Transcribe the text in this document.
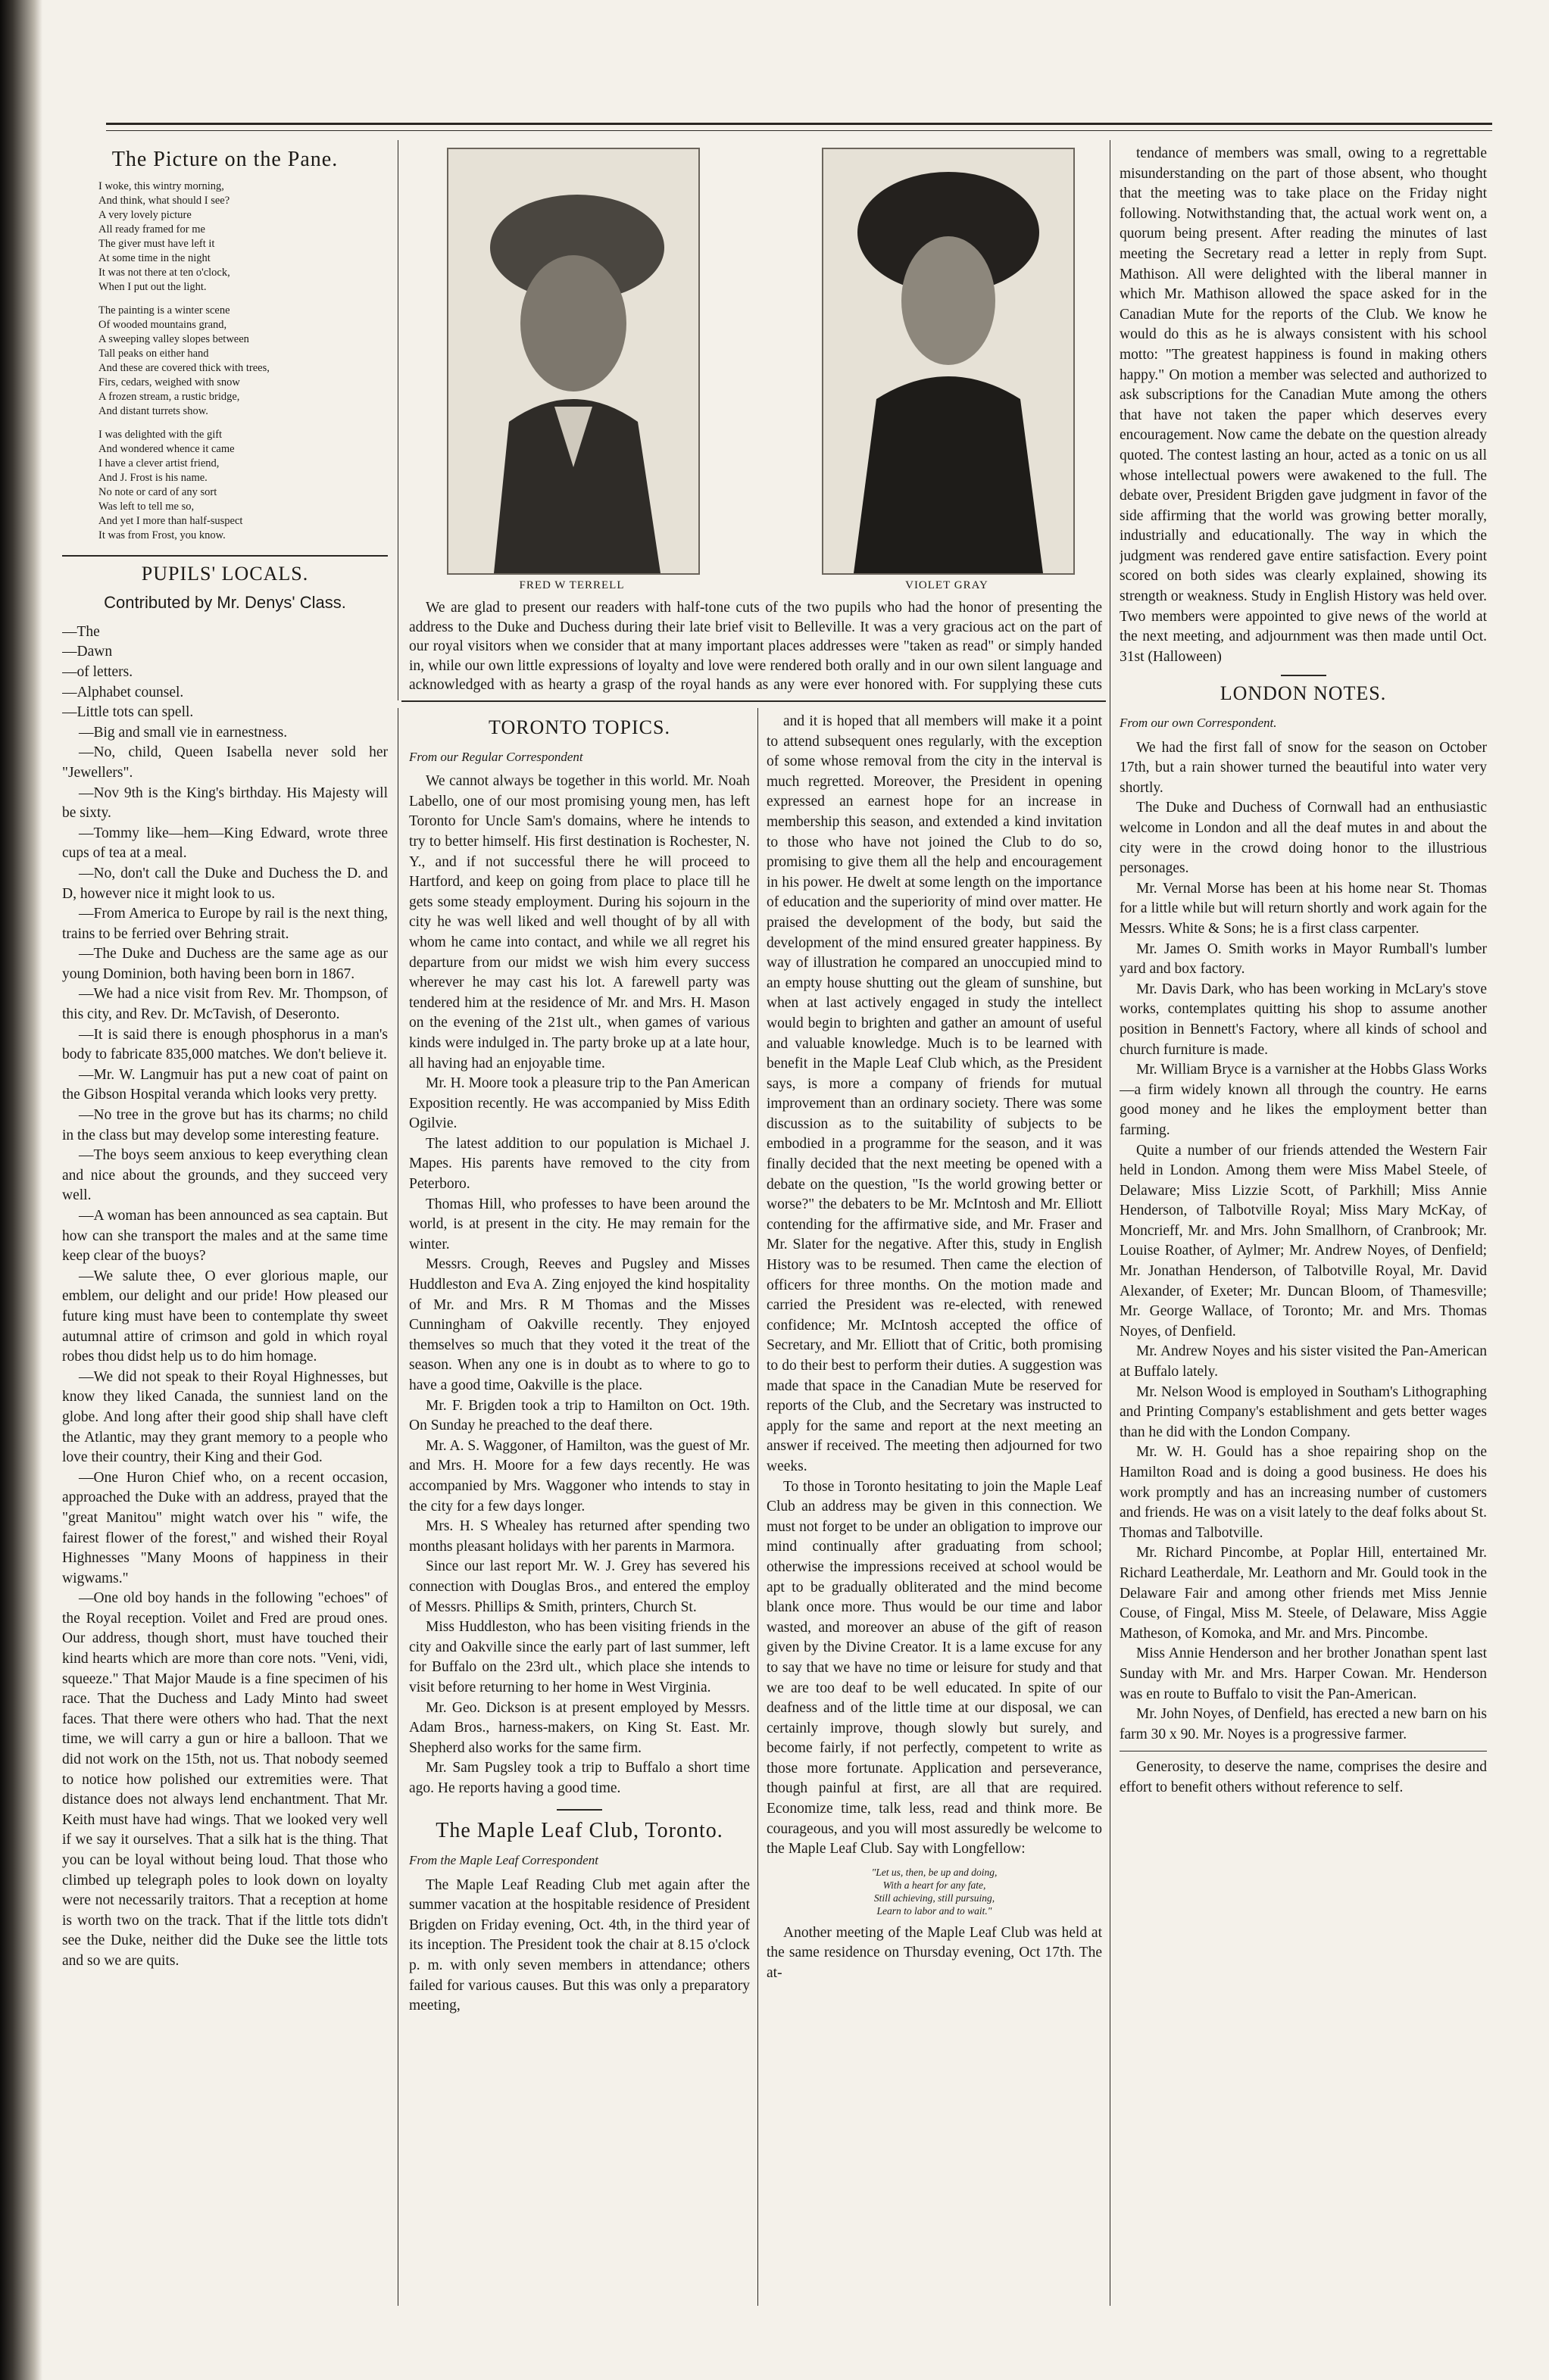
The Picture on the Pane.
I woke, this wintry morning,
And think, what should I see?
A very lovely picture
All ready framed for me
The giver must have left it
At some time in the night
It was not there at ten o'clock,
When I put out the light.
The painting is a winter scene
Of wooded mountains grand,
A sweeping valley slopes between
Tall peaks on either hand
And these are covered thick with trees,
Firs, cedars, weighed with snow
A frozen stream, a rustic bridge,
And distant turrets show.
I was delighted with the gift
And wondered whence it came
I have a clever artist friend,
And J. Frost is his name.
No note or card of any sort
Was left to tell me so,
And yet I more than half-suspect
It was from Frost, you know.
PUPILS' LOCALS.
Contributed by Mr. Denys' Class.
—The
—Dawn
—of letters.
—Alphabet counsel.
—Little tots can spell.

—Big and small vie in earnestness.

—No, child, Queen Isabella never sold her "Jewellers".

—Nov 9th is the King's birthday. His Majesty will be sixty.

—Tommy like—hem—King Edward, wrote three cups of tea at a meal.

—No, don't call the Duke and Duchess the D. and D, however nice it might look to us.

—From America to Europe by rail is the next thing, trains to be ferried over Behring strait.

—The Duke and Duchess are the same age as our young Dominion, both having been born in 1867.

—We had a nice visit from Rev. Mr. Thompson, of this city, and Rev. Dr. McTavish, of Deseronto.

—It is said there is enough phosphorus in a man's body to fabricate 835,000 matches. We don't believe it.

—Mr. W. Langmuir has put a new coat of paint on the Gibson Hospital veranda which looks very pretty.

—No tree in the grove but has its charms; no child in the class but may develop some interesting feature.

—The boys seem anxious to keep everything clean and nice about the grounds, and they succeed very well.

—A woman has been announced as sea captain. But how can she transport the males and at the same time keep clear of the buoys?

—We salute thee, O ever glorious maple, our emblem, our delight and our pride! How pleased our future king must have been to contemplate thy sweet autumnal attire of crimson and gold in which royal robes thou didst help us to do him homage.

—We did not speak to their Royal Highnesses, but know they liked Canada, the sunniest land on the globe. And long after their good ship shall have cleft the Atlantic, may they grant memory to a people who love their country, their King and their God.

—One Huron Chief who, on a recent occasion, approached the Duke with an address, prayed that the "great Manitou" might watch over his " wife, the fairest flower of the forest," and wished their Royal Highnesses "Many Moons of happiness in their wigwams."

—One old boy hands in the following "echoes" of the Royal reception. Voilet and Fred are proud ones. Our address, though short, must have touched their kind hearts which are more than core nots. "Veni, vidi, squeeze." That Major Maude is a fine specimen of his race. That the Duchess and Lady Minto had sweet faces. That there were others who had. That the next time, we will carry a gun or hire a balloon. That we did not work on the 15th, not us. That nobody seemed to notice how polished our extremities were. That distance does not always lend enchantment. That Mr. Keith must have had wings. That we looked very well if we say it ourselves. That a silk hat is the thing. That you can be loyal without being loud. That those who climbed up telegraph poles to look down on loyalty were not necessarily traitors. That a reception at home is worth two on the track. That if the little tots didn't see the Duke, neither did the Duke see the little tots and so we are quits.

FRED W TERRELL	VIOLET GRAY

We are glad to present our readers with half-tone cuts of the two pupils who had the honor of presenting the address to the Duke and Duchess during their late brief visit to Belleville. It was a very gracious act on the part of our royal visitors when we consider that at many important places addresses were "taken as read" or simply handed in, while our own little expressions of loyalty and love were rendered both orally and in our own silent language and acknowledged with as hearty a grasp of the royal hands as any were ever honored with. For supplying these cuts

TORONTO TOPICS.

From our Regular Correspondent

We cannot always be together in this world. Mr. Noah Labello, one of our most promising young men, has left Toronto for Uncle Sam's domains, where he intends to try to better himself. His first destination is Rochester, N. Y., and if not successful there he will proceed to Hartford, and keep on going from place to place till he gets some steady employment. During his sojourn in the city he was well liked and well thought of by all with whom he came into contact, and while we all regret his departure from our midst we wish him every success wherever he may cast his lot. A farewell party was tendered him at the residence of Mr. and Mrs. H. Mason on the evening of the 21st ult., when games of various kinds were indulged in. The party broke up at a late hour, all having had an enjoyable time.

Mr. H. Moore took a pleasure trip to the Pan American Exposition recently. He was accompanied by Miss Edith Ogilvie.

The latest addition to our population is Michael J. Mapes. His parents have removed to the city from Peterboro.

Thomas Hill, who professes to have been around the world, is at present in the city. He may remain for the winter.

Messrs. Crough, Reeves and Pugsley and Misses Huddleston and Eva A. Zing enjoyed the kind hospitality of Mr. and Mrs. R M Thomas and the Misses Cunningham of Oakville recently. They enjoyed themselves so much that they voted it the treat of the season. When any one is in doubt as to where to go to have a good time, Oakville is the place.

Mr. F. Brigden took a trip to Hamilton on Oct. 19th. On Sunday he preached to the deaf there.

Mr. A. S. Waggoner, of Hamilton, was the guest of Mr. and Mrs. H. Moore for a few days recently. He was accompanied by Mrs. Waggoner who intends to stay in the city for a few days longer.

Mrs. H. S Whealey has returned after spending two months pleasant holidays with her parents in Marmora.

Since our last report Mr. W. J. Grey has severed his connection with Douglas Bros., and entered the employ of Messrs. Phillips & Smith, printers, Church St.

Miss Huddleston, who has been visiting friends in the city and Oakville since the early part of last summer, left for Buffalo on the 23rd ult., which place she intends to visit before returning to her home in West Virginia.

Mr. Geo. Dickson is at present employed by Messrs. Adam Bros., harness-makers, on King St. East. Mr. Shepherd also works for the same firm.

Mr. Sam Pugsley took a trip to Buffalo a short time ago. He reports having a good time.

The Maple Leaf Club, Toronto.

From the Maple Leaf Correspondent

The Maple Leaf Reading Club met again after the summer vacation at the hospitable residence of President Brigden on Friday evening, Oct. 4th, in the third year of its inception. The President took the chair at 8.15 o'clock p. m. with only seven members in attendance; others failed for various causes. But this was only a preparatory meeting,

and it is hoped that all members will make it a point to attend subsequent ones regularly, with the exception of some whose removal from the city in the interval is much regretted. Moreover, the President in opening expressed an earnest hope for an increase in membership this season, and extended a kind invitation to those who have not joined the Club to do so, promising to give them all the help and encouragement in his power. He dwelt at some length on the importance of education and the superiority of mind over matter. He praised the development of the body, but said the development of the mind ensured greater happiness. By way of illustration he compared an unoccupied mind to an empty house shutting out the gleam of sunshine, but when at last actively engaged in study the intellect would begin to brighten and gather an amount of useful and valuable knowledge. Much is to be learned with benefit in the Maple Leaf Club which, as the President says, is more a company of friends for mutual improvement than an ordinary society. There was some discussion as to the suitability of subjects to be embodied in a programme for the season, and it was finally decided that the next meeting be opened with a debate on the question, "Is the world growing better or worse?" the debaters to be Mr. McIntosh and Mr. Elliott contending for the affirmative side, and Mr. Fraser and Mr. Slater for the negative. After this, study in English History was to be resumed. Then came the election of officers for three months. On the motion made and carried the President was re-elected, with renewed confidence; Mr. McIntosh accepted the office of Secretary, and Mr. Elliott that of Critic, both promising to do their best to perform their duties. A suggestion was made that space in the Canadian Mute be reserved for reports of the Club, and the Secretary was instructed to apply for the same and report at the next meeting an answer if received. The meeting then adjourned for two weeks.

To those in Toronto hesitating to join the Maple Leaf Club an address may be given in this connection. We must not forget to be under an obligation to improve our mind continually after graduating from school; otherwise the impressions received at school would be apt to be gradually obliterated and the mind become blank once more. Thus would be our time and labor wasted, and moreover an abuse of the gift of reason given by the Divine Creator. It is a lame excuse for any to say that we have no time or leisure for study and that we are too deaf to be well educated. In spite of our deafness and of the little time at our disposal, we can certainly improve, though slowly but surely, and become fairly, if not perfectly, competent to write as those more fortunate. Application and perseverance, though painful at first, are all that are required. Economize time, talk less, read and think more. Be courageous, and you will most assuredly be welcome to the Maple Leaf Club. Say with Longfellow:

"Let us, then, be up and doing,
With a heart for any fate,
Still achieving, still pursuing,
Learn to labor and to wait."

Another meeting of the Maple Leaf Club was held at the same residence on Thursday evening, Oct 17th. The at-

tendance of members was small, owing to a regrettable misunderstanding on the part of those absent, who thought that the meeting was to take place on the Friday night following. Notwithstanding that, the actual work went on, a quorum being present. After reading the minutes of last meeting the Secretary read a letter in reply from Supt. Mathison. All were delighted with the liberal manner in which Mr. Mathison allowed the space asked for in the Canadian Mute for the reports of the Club. We know he would do this as he is always consistent with his school motto: "The greatest happiness is found in making others happy." On motion a member was selected and authorized to ask subscriptions for the Canadian Mute among the others that have not taken the paper which deserves every encouragement. Now came the debate on the question already quoted. The contest lasting an hour, acted as a tonic on us all whose intellectual powers were awakened to the full. The debate over, President Brigden gave judgment in favor of the side affirming that the world was growing better morally, industrially and educationally. The way in which the judgment was rendered gave entire satisfaction. Every point scored on both sides was clearly explained, showing its strength or weakness. Study in English History was held over. Two members were appointed to give news of the world at the next meeting, and adjournment was then made until Oct. 31st (Halloween)

LONDON NOTES.

From our own Correspondent.

We had the first fall of snow for the season on October 17th, but a rain shower turned the beautiful into water very shortly.

The Duke and Duchess of Cornwall had an enthusiastic welcome in London and all the deaf mutes in and about the city were in the crowd doing honor to the illustrious personages.

Mr. Vernal Morse has been at his home near St. Thomas for a little while but will return shortly and work again for the Messrs. White & Sons; he is a first class carpenter.

Mr. James O. Smith works in Mayor Rumball's lumber yard and box factory.

Mr. Davis Dark, who has been working in McLary's stove works, contemplates quitting his shop to assume another position in Bennett's Factory, where all kinds of school and church furniture is made.

Mr. William Bryce is a varnisher at the Hobbs Glass Works—a firm widely known all through the country. He earns good money and he likes the employment better than farming.

Quite a number of our friends attended the Western Fair held in London. Among them were Miss Mabel Steele, of Delaware; Miss Lizzie Scott, of Parkhill; Miss Annie Henderson, of Talbotville Royal; Miss Mary McKay, of Moncrieff, Mr. and Mrs. John Smallhorn, of Cranbrook; Mr. Louise Roather, of Aylmer; Mr. Andrew Noyes, of Denfield; Mr. Jonathan Henderson, of Talbotville Royal, Mr. David Alexander, of Exeter; Mr. Duncan Bloom, of Thamesville; Mr. George Wallace, of Toronto; Mr. and Mrs. Thomas Noyes, of Denfield.

Mr. Andrew Noyes and his sister visited the Pan-American at Buffalo lately.

Mr. Nelson Wood is employed in Southam's Lithographing and Printing Company's establishment and gets better wages than he did with the London Company.

Mr. W. H. Gould has a shoe repairing shop on the Hamilton Road and is doing a good business. He does his work promptly and has an increasing number of customers and friends. He was on a visit lately to the deaf folks about St. Thomas and Talbotville.

Mr. Richard Pincombe, at Poplar Hill, entertained Mr. Richard Leatherdale, Mr. Leathorn and Mr. Gould took in the Delaware Fair and among other friends met Miss Jennie Couse, of Fingal, Miss M. Steele, of Delaware, Miss Aggie Matheson, of Komoka, and Mr. and Mrs. Pincombe.

Miss Annie Henderson and her brother Jonathan spent last Sunday with Mr. and Mrs. Harper Cowan. Mr. Henderson was en route to Buffalo to visit the Pan-American.

Mr. John Noyes, of Denfield, has erected a new barn on his farm 30 x 90. Mr. Noyes is a progressive farmer.

Generosity, to deserve the name, comprises the desire and effort to benefit others without reference to self.
